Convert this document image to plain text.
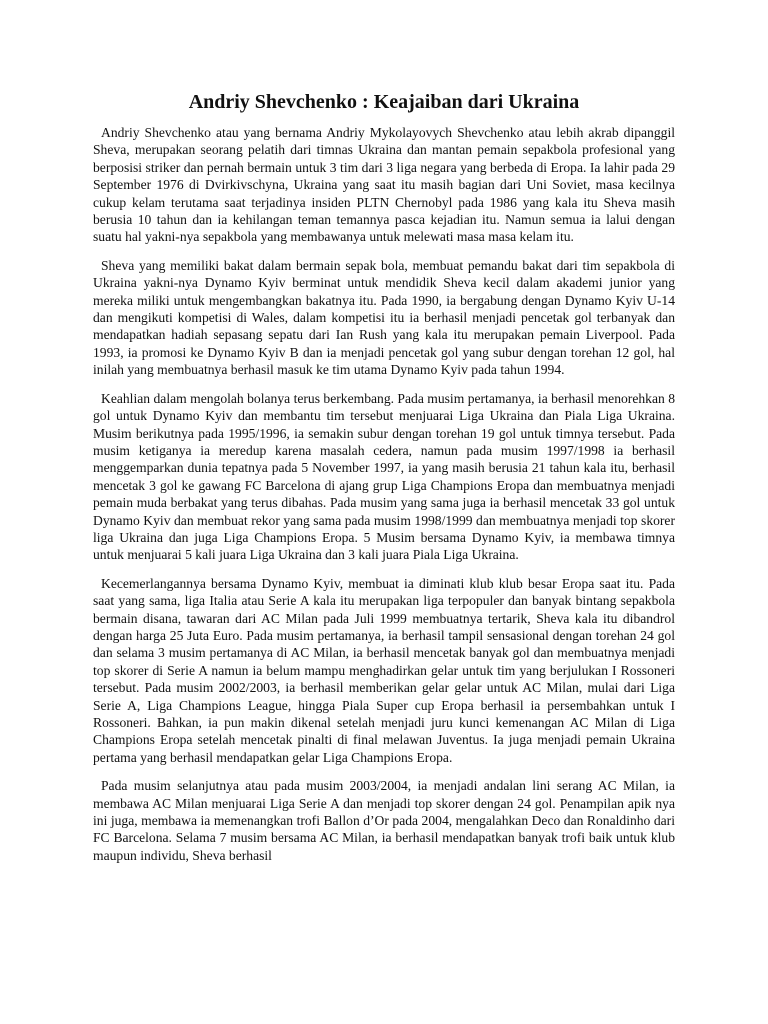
Andriy Shevchenko : Keajaiban dari Ukraina

Andriy Shevchenko atau yang bernama Andriy Mykolayovych Shevchenko atau lebih akrab dipanggil Sheva, merupakan seorang pelatih dari timnas Ukraina dan mantan pemain sepakbola profesional yang berposisi striker dan pernah bermain untuk 3 tim dari 3 liga negara yang berbeda di Eropa. Ia lahir pada 29 September 1976 di Dvirkivschyna, Ukraina yang saat itu masih bagian dari Uni Soviet, masa kecilnya cukup kelam terutama saat terjadinya insiden PLTN Chernobyl pada 1986 yang kala itu Sheva masih berusia 10 tahun dan ia kehilangan teman temannya pasca kejadian itu. Namun semua ia lalui dengan suatu hal yakni-nya sepakbola yang membawanya untuk melewati masa masa kelam itu.

Sheva yang memiliki bakat dalam bermain sepak bola, membuat pemandu bakat dari tim sepakbola di Ukraina yakni-nya Dynamo Kyiv berminat untuk mendidik Sheva kecil dalam akademi junior yang mereka miliki untuk mengembangkan bakatnya itu. Pada 1990, ia bergabung dengan Dynamo Kyiv U-14 dan mengikuti kompetisi di Wales, dalam kompetisi itu ia berhasil menjadi pencetak gol terbanyak dan mendapatkan hadiah sepasang sepatu dari Ian Rush yang kala itu merupakan pemain Liverpool. Pada 1993, ia promosi ke Dynamo Kyiv B dan ia menjadi pencetak gol yang subur dengan torehan 12 gol, hal inilah yang membuatnya berhasil masuk ke tim utama Dynamo Kyiv pada tahun 1994.

Keahlian dalam mengolah bolanya terus berkembang. Pada musim pertamanya, ia berhasil menorehkan 8 gol untuk Dynamo Kyiv dan membantu tim tersebut menjuarai Liga Ukraina dan Piala Liga Ukraina. Musim berikutnya pada 1995/1996, ia semakin subur dengan torehan 19 gol untuk timnya tersebut. Pada musim ketiganya ia meredup karena masalah cedera, namun pada musim 1997/1998 ia berhasil menggemparkan dunia tepatnya pada 5 November 1997, ia yang masih berusia 21 tahun kala itu, berhasil mencetak 3 gol ke gawang FC Barcelona di ajang grup Liga Champions Eropa dan membuatnya menjadi pemain muda berbakat yang terus dibahas. Pada musim yang sama juga ia berhasil mencetak 33 gol untuk Dynamo Kyiv dan membuat rekor yang sama pada musim 1998/1999 dan membuatnya menjadi top skorer liga Ukraina dan juga Liga Champions Eropa. 5 Musim bersama Dynamo Kyiv, ia membawa timnya untuk menjuarai 5 kali juara Liga Ukraina dan 3 kali juara Piala Liga Ukraina.

Kecemerlangannya bersama Dynamo Kyiv, membuat ia diminati klub klub besar Eropa saat itu. Pada saat yang sama, liga Italia atau Serie A kala itu merupakan liga terpopuler dan banyak bintang sepakbola bermain disana, tawaran dari AC Milan pada Juli 1999 membuatnya tertarik, Sheva kala itu dibandrol dengan harga 25 Juta Euro. Pada musim pertamanya, ia berhasil tampil sensasional dengan torehan 24 gol dan selama 3 musim pertamanya di AC Milan, ia berhasil mencetak banyak gol dan membuatnya menjadi top skorer di Serie A namun ia belum mampu menghadirkan gelar untuk tim yang berjulukan I Rossoneri tersebut. Pada musim 2002/2003, ia berhasil memberikan gelar gelar untuk AC Milan, mulai dari Liga Serie A, Liga Champions League, hingga Piala Super cup Eropa berhasil ia persembahkan untuk I Rossoneri. Bahkan, ia pun makin dikenal setelah menjadi juru kunci kemenangan AC Milan di Liga Champions Eropa setelah mencetak pinalti di final melawan Juventus. Ia juga menjadi pemain Ukraina pertama yang berhasil mendapatkan gelar Liga Champions Eropa.

Pada musim selanjutnya atau pada musim 2003/2004, ia menjadi andalan lini serang AC Milan, ia membawa AC Milan menjuarai Liga Serie A dan menjadi top skorer dengan 24 gol. Penampilan apik nya ini juga, membawa ia memenangkan trofi Ballon d’Or pada 2004, mengalahkan Deco dan Ronaldinho dari FC Barcelona. Selama 7 musim bersama AC Milan, ia berhasil mendapatkan banyak trofi baik untuk klub maupun individu, Sheva berhasil
